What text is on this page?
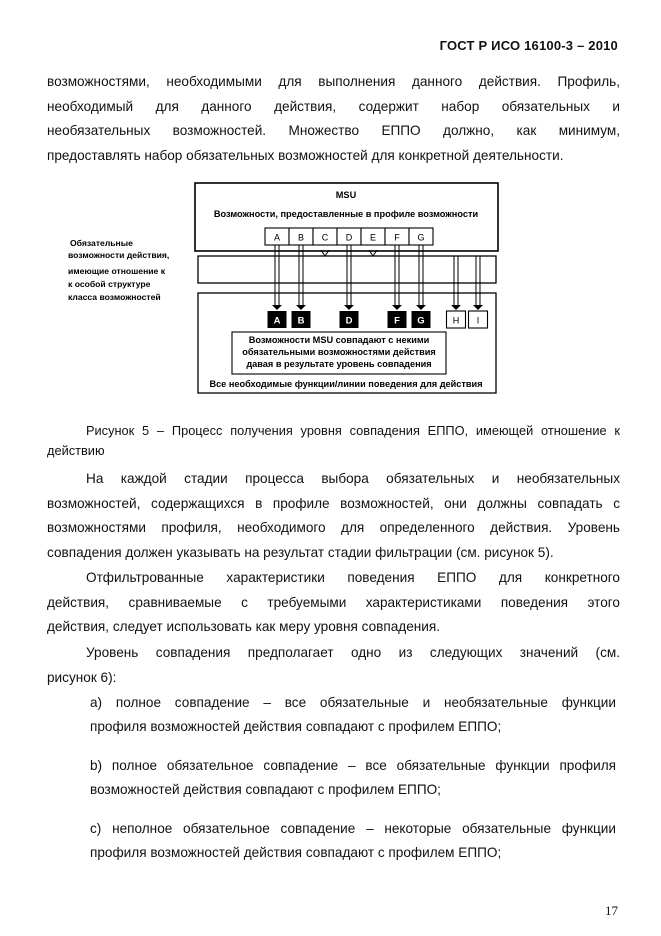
ГОСТ Р ИСО 16100-3 – 2010
возможностями, необходимыми для выполнения данного действия. Профиль,
необходимый для данного действия, содержит набор обязательных и
необязательных возможностей. Множество ЕППО должно, как минимум,
предоставлять набор обязательных возможностей для конкретной деятельности.
MSU
Возможности, предоставленные в профиле возможности
Обязательные
возможности действия,
имеющие отношение к
к особой структуре
класса возможностей
A B C D E F G
A B	D	F G	H I
Возможности MSU совпадают с некими
обязательными возможностями действия
давая в результате уровень совпадения
Все необходимые функции/линии поведения для действия
Рисунок 5 – Процесс получения уровня совпадения ЕППО, имеющей отношение к
действию
На каждой стадии процесса выбора обязательных и необязательных
возможностей, содержащихся в профиле возможностей, они должны совпадать с
возможностями профиля, необходимого для определенного действия. Уровень
совпадения должен указывать на результат стадии фильтрации (см. рисунок 5).
Отфильтрованные характеристики поведения ЕППО для конкретного
действия, сравниваемые с требуемыми характеристиками поведения этого
действия, следует использовать как меру уровня совпадения.
Уровень совпадения предполагает одно из следующих значений (см.
рисунок 6):
a) полное совпадение – все обязательные и необязательные функции
профиля возможностей действия совпадают с профилем ЕППО;
b) полное обязательное совпадение – все обязательные функции профиля
возможностей действия совпадают с профилем ЕППО;
c) неполное обязательное совпадение – некоторые обязательные функции
профиля возможностей действия совпадают с профилем ЕППО;
17
